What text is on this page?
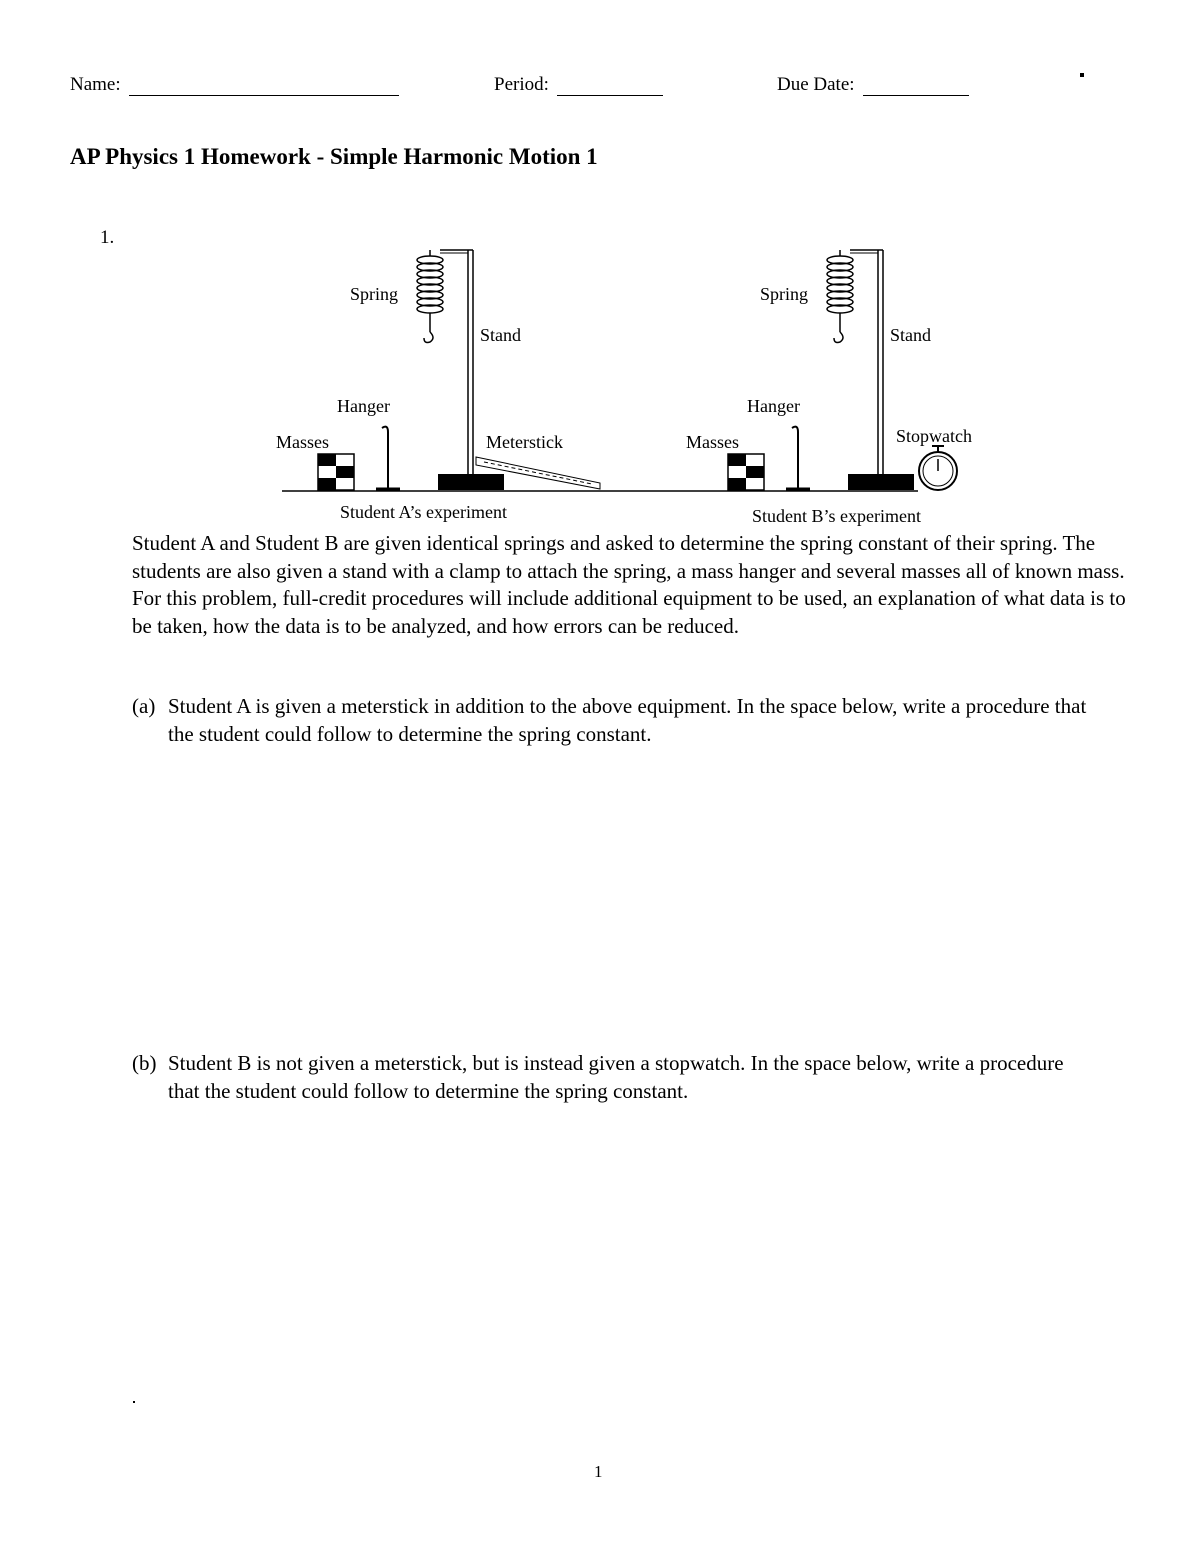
Name:	Period:	Due Date:
AP Physics 1 Homework - Simple Harmonic Motion 1
1.
Spring
Stand
Hanger
Masses	Meterstick
Student A’s experiment
Spring
Stand
Hanger
Masses	Stopwatch
Student B’s experiment
Student A and Student B are given identical springs and asked to determine the spring constant of their spring. The students are also given a stand with a clamp to attach the spring, a mass hanger and several masses all of known mass. For this problem, full-credit procedures will include additional equipment to be used, an explanation of what data is to be taken, how the data is to be analyzed, and how errors can be reduced.
(a) Student A is given a meterstick in addition to the above equipment. In the space below, write a procedure that the student could follow to determine the spring constant.
(b) Student B is not given a meterstick, but is instead given a stopwatch. In the space below, write a procedure that the student could follow to determine the spring constant.
1
